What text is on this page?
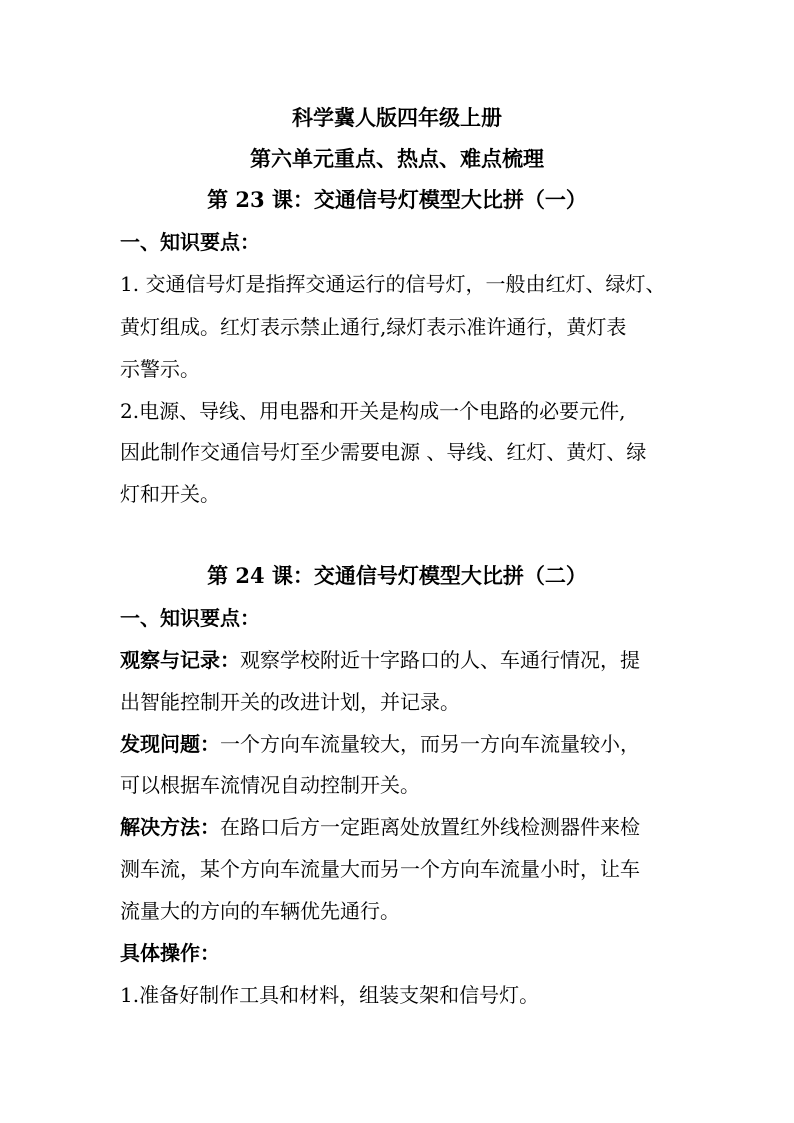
科学冀人版四年级上册
第六单元重点、热点、难点梳理
第 23 课：交通信号灯模型大比拼（一）
一、知识要点：
1. 交通信号灯是指挥交通运行的信号灯，一般由红灯、绿灯、
黄灯组成。红灯表示禁止通行,绿灯表示准许通行，黄灯表
示警示。
2.电源、导线、用电器和开关是构成一个电路的必要元件,
因此制作交通信号灯至少需要电源 、导线、红灯、黄灯、绿
灯和开关。
第 24 课：交通信号灯模型大比拼（二）
一、知识要点：
观察与记录：观察学校附近十字路口的人、车通行情况，提
出智能控制开关的改进计划，并记录。
发现问题：一个方向车流量较大，而另一方向车流量较小，
可以根据车流情况自动控制开关。
解决方法：在路口后方一定距离处放置红外线检测器件来检
测车流，某个方向车流量大而另一个方向车流量小时，让车
流量大的方向的车辆优先通行。
具体操作：
1.准备好制作工具和材料，组装支架和信号灯。
